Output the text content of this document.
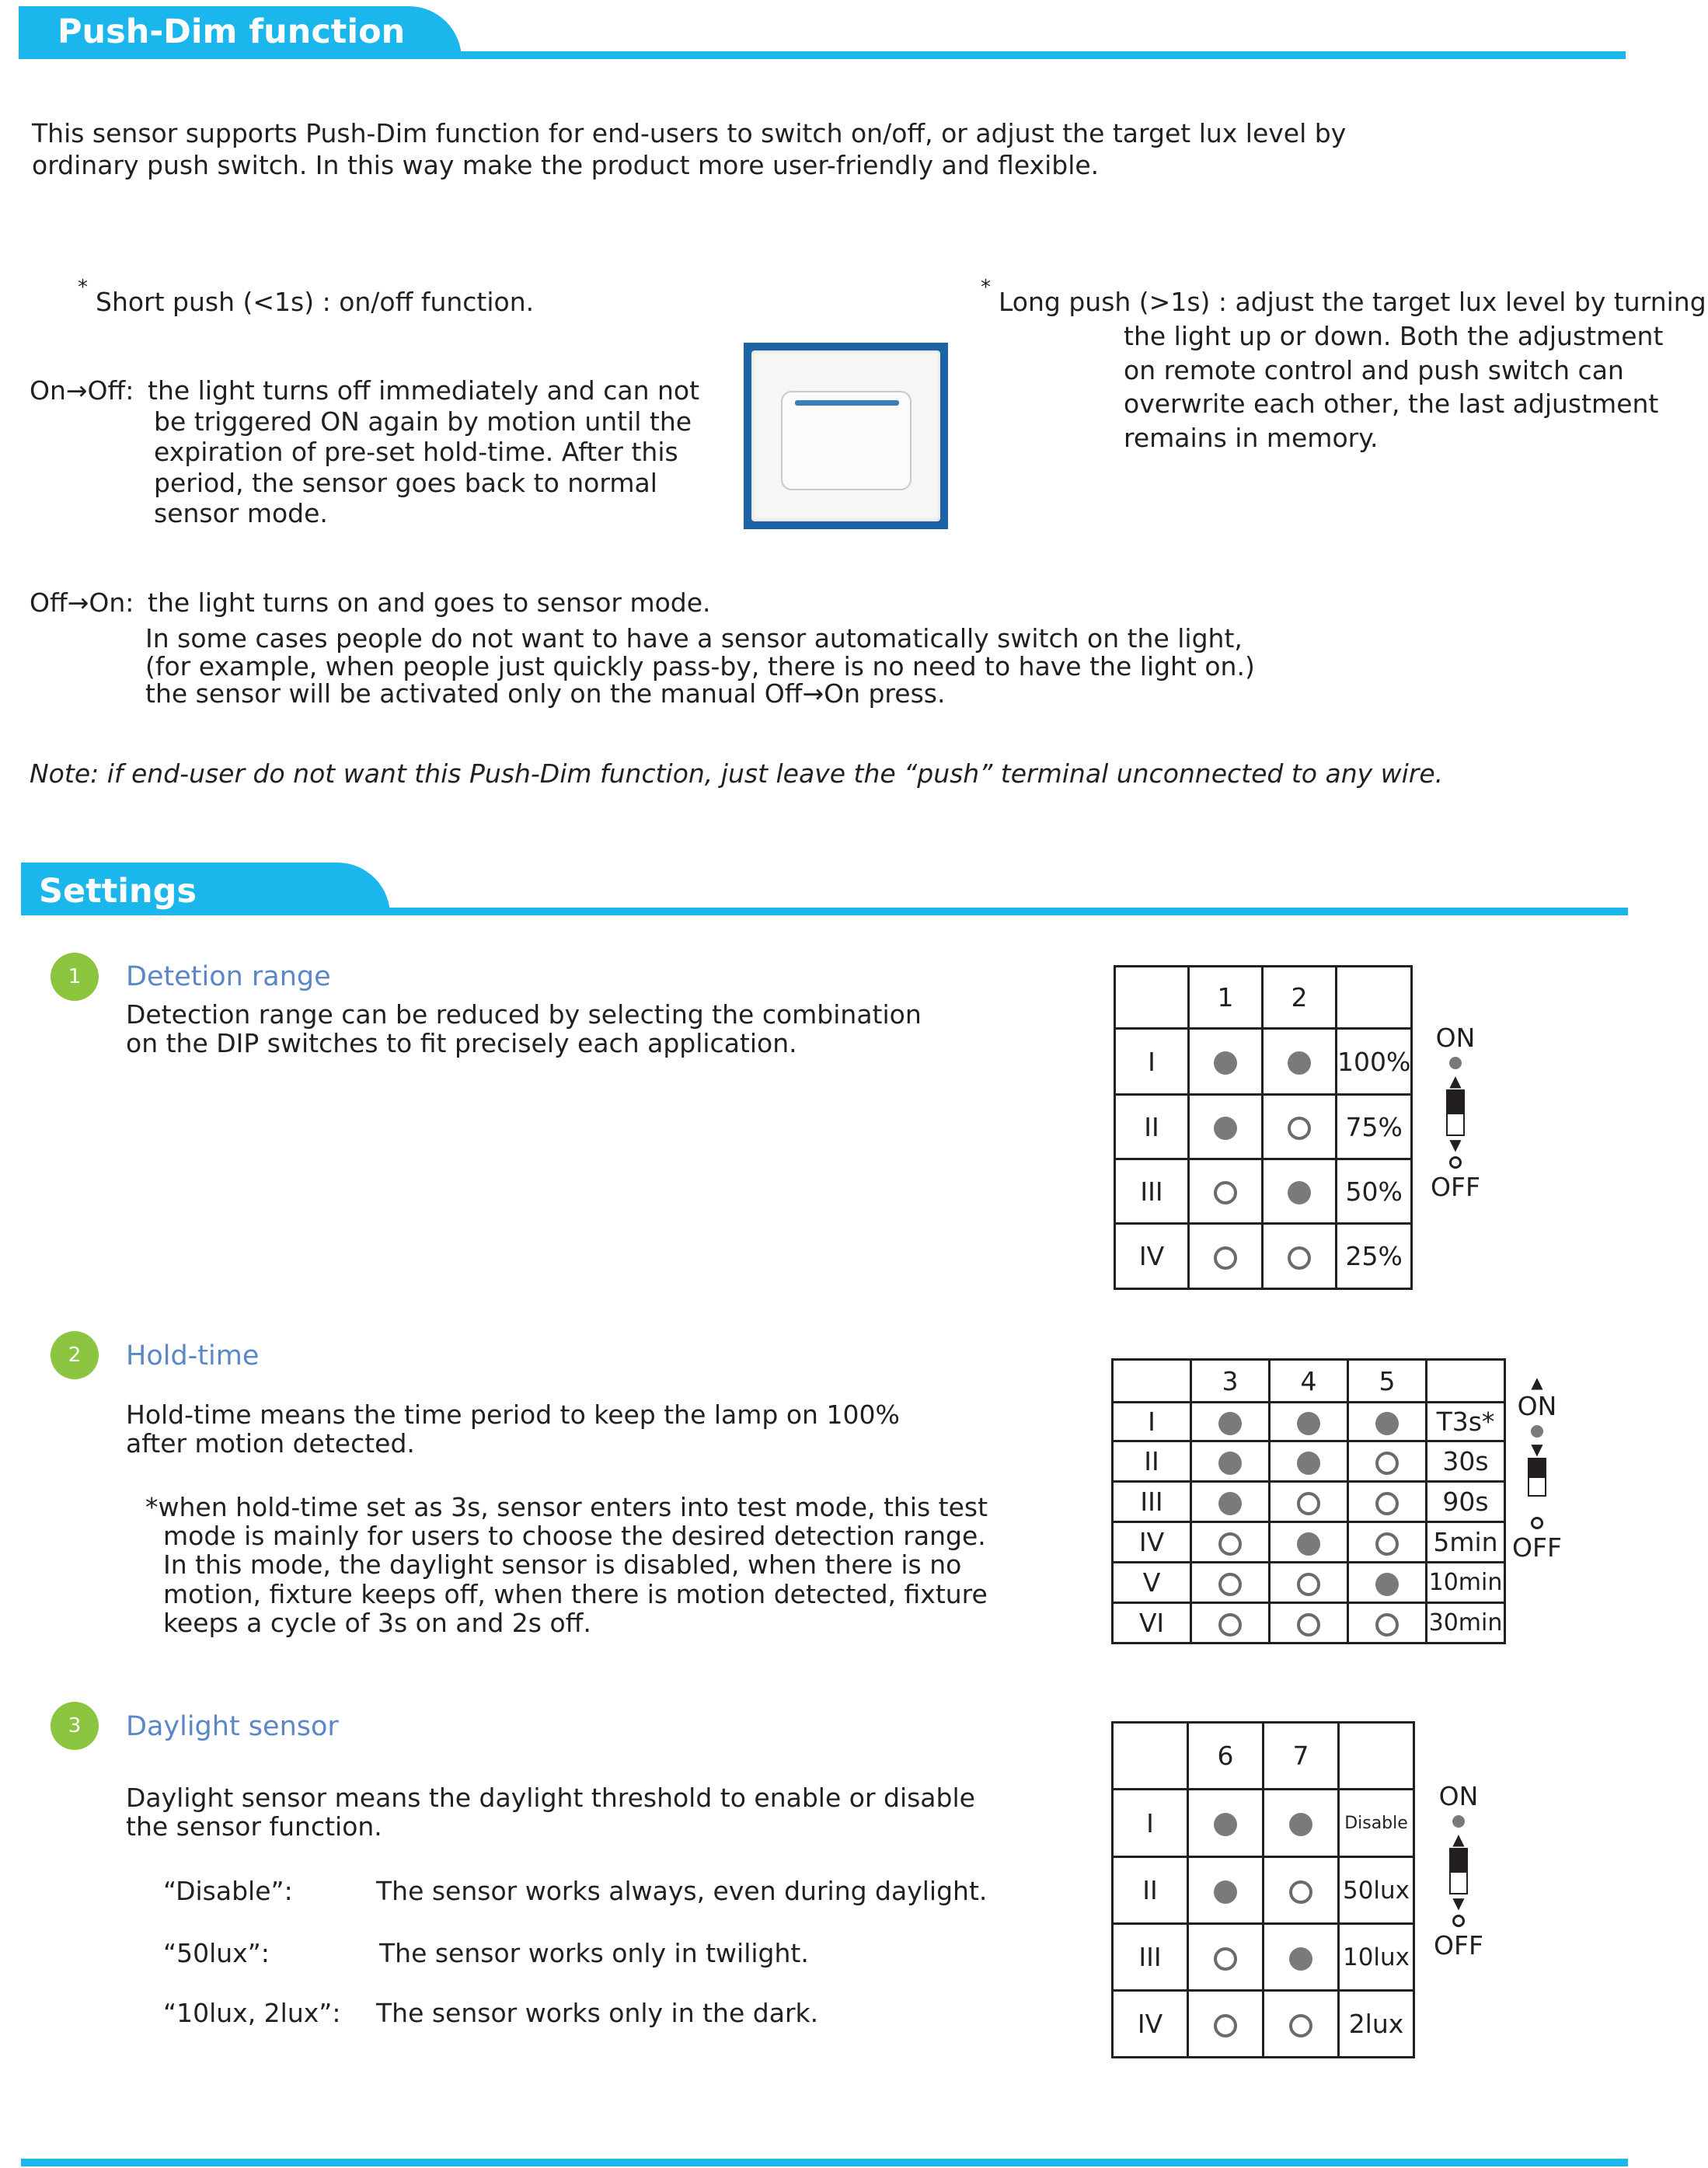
Push-Dim function
This sensor supports Push-Dim function for end-users to switch on/off, or adjust the target lux level by
ordinary push switch. In this way make the product more user-friendly and flexible.
* Short push (<1s) : on/off function.
On→Off: the light turns off immediately and can not
be triggered ON again by motion until the
expiration of pre-set hold-time. After this
period, the sensor goes back to normal
sensor mode.
* Long push (>1s) : adjust the target lux level by turning
the light up or down. Both the adjustment
on remote control and push switch can
overwrite each other, the last adjustment
remains in memory.
Off→On: the light turns on and goes to sensor mode.
In some cases people do not want to have a sensor automatically switch on the light,
(for example, when people just quickly pass-by, there is no need to have the light on.)
the sensor will be activated only on the manual Off→On press.
Note: if end-user do not want this Push-Dim function, just leave the “push” terminal unconnected to any wire.
Settings
1	Detetion range
Detection range can be reduced by selecting the combination
on the DIP switches to fit precisely each application.
	1	2	
I			100%
II			75%
III			50%
IV			25%
ON
▲
▼
OFF
2	Hold-time
Hold-time means the time period to keep the lamp on 100%
after motion detected.
*when hold-time set as 3s, sensor enters into test mode, this test
mode is mainly for users to choose the desired detection range.
In this mode, the daylight sensor is disabled, when there is no
motion, fixture keeps off, when there is motion detected, fixture
keeps a cycle of 3s on and 2s off.
	3	4	5	
I				T3s*
II				30s
III				90s
IV				5min
V				10min
VI				30min
▲
ON
▼
OFF
3	Daylight sensor
Daylight sensor means the daylight threshold to enable or disable
the sensor function.
“Disable”:	The sensor works always, even during daylight.
“50lux”:	The sensor works only in twilight.
“10lux, 2lux”: The sensor works only in the dark.
	6	7	
I			Disable
II			50lux
III			10lux
IV			2lux
ON
▲
▼
OFF
